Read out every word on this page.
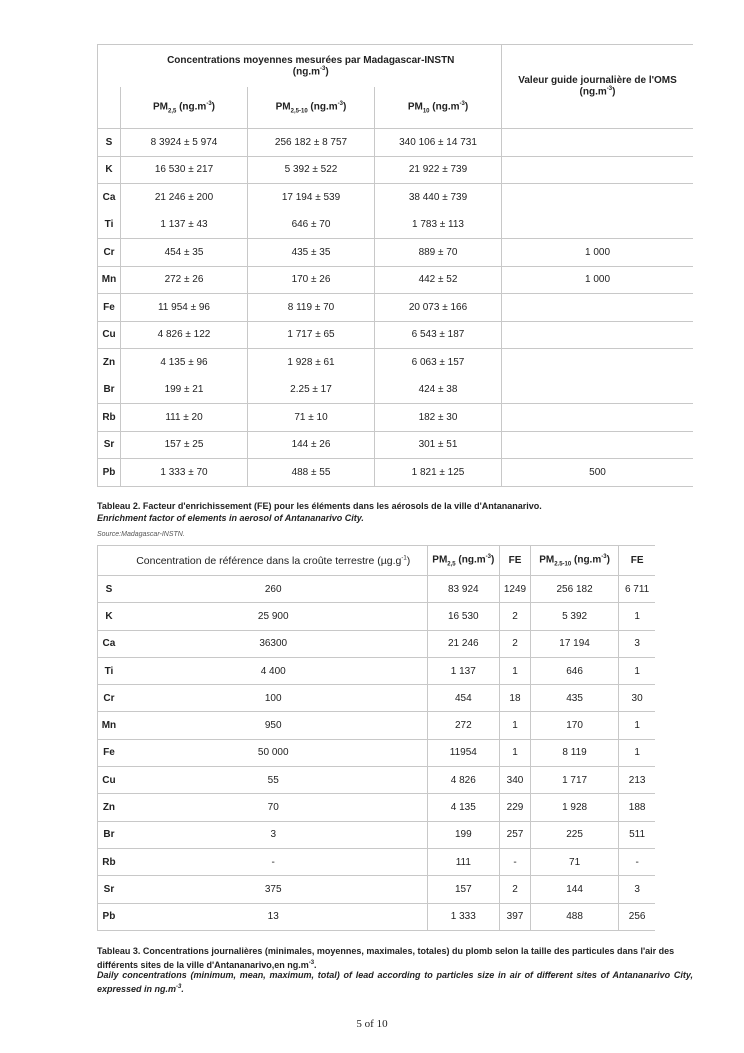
	Concentrations moyennes mesurées par Madagascar-INSTN
$(ng.m^{-3})$			
	$PM_{2,5}$ $(ng.m^{-3})$	$PM_{2,5-10}$ $(ng.m^{-3})$	$PM_{10}$ $(ng.m^{-3})$	Valeur guide journalière de l'OMS
$(ng.m^{-3})$

S	8 3924 ± 5 974	256 182 ± 8 757	340 106 ± 14 731	
K	16 530 ± 217	5 392 ± 522	21 922 ± 739	
Ca	21 246 ± 200	17 194 ± 539	38 440 ± 739	
Ti	1 137 ± 43	646 ± 70	1 783 ± 113	
Cr	454 ± 35	435 ± 35	889 ± 70	1 000
Mn	272 ± 26	170 ± 26	442 ± 52	1 000
Fe	11 954 ± 96	8 119 ± 70	20 073 ± 166	
Cu	4 826 ± 122	1 717 ± 65	6 543 ± 187	
Zn	4 135 ± 96	1 928 ± 61	6 063 ± 157	
Br	199 ± 21	2.25 ± 17	424 ± 38	
Rb	111 ± 20	71 ± 10	182 ± 30	
Sr	157 ± 25	144 ± 26	301 ± 51	
Pb	1 333 ± 70	488 ± 55	1 821 ± 125	500
Tableau 2. Facteur d'enrichissement (FE) pour les éléments dans les aérosols de la ville d'Antananarivo.
Enrichment factor of elements in aerosol of Antananarivo City.
Source:Madagascar-INSTN.
	Concentration de référence dans la croûte terrestre $(\mu g.g^{-1})$	$PM_{2,5}$ $(ng.m^{-3})$	FE	$PM_{2.5-10}$ $(ng.m^{-3})$	FE
S	260	83 924	1249	256 182	6 711
K	25 900	16 530	2	5 392	1
Ca	36300	21 246	2	17 194	3
Ti	4 400	1 137	1	646	1
Cr	100	454	18	435	30
Mn	950	272	1	170	1
Fe	50 000	11954	1	8 119	1
Cu	55	4 826	340	1 717	213
Zn	70	4 135	229	1 928	188
Br	3	199	257	225	511
Rb	-	111	-	71	-
Sr	375	157	2	144	3
Pb	13	1 333	397	488	256
Tableau 3. Concentrations journalières (minimales, moyennes, maximales, totales) du plomb selon la taille des particules dans l'air des différents sites de la ville d'Antananarivo,en $ng.m^{-3}$.
Daily concentrations (minimum, mean, maximum, total) of lead according to particles size in air of different sites of Antananarivo City, expressed in $ng.m^{-3}$.
5 of 10
